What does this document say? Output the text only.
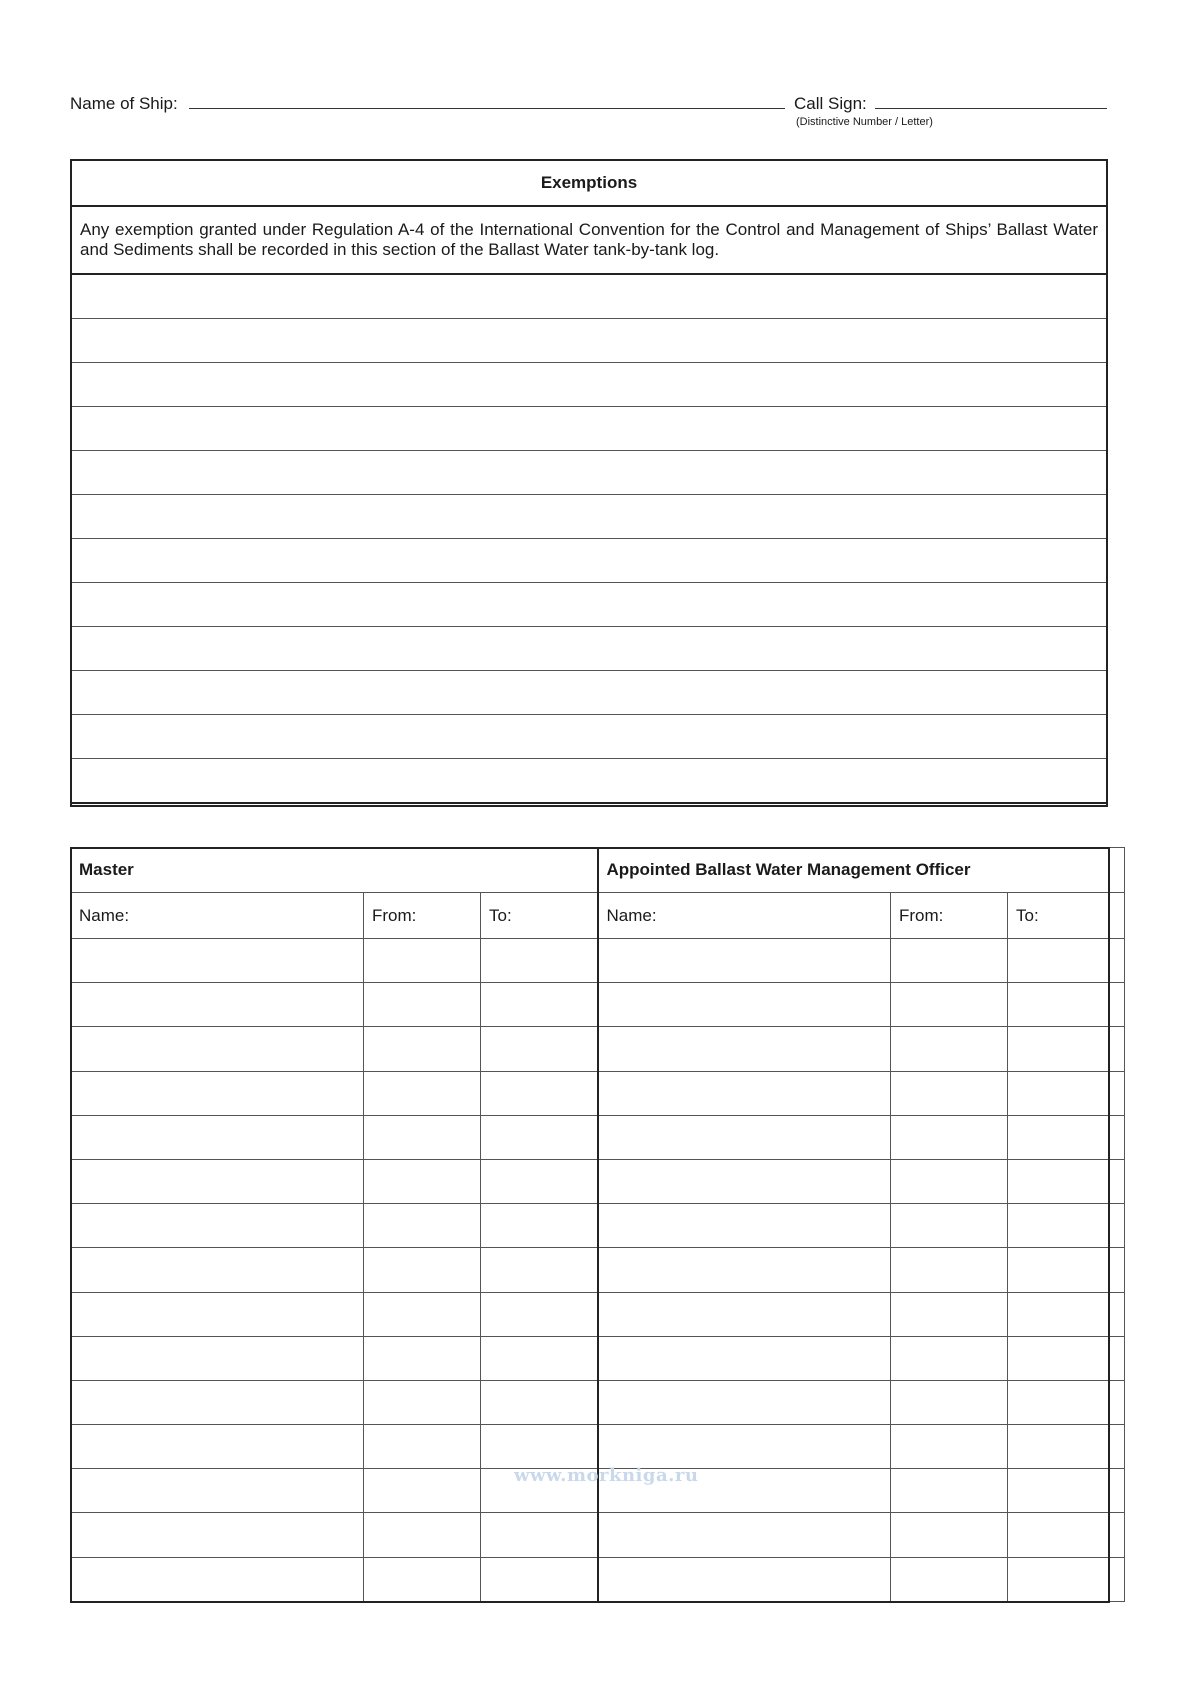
Name of Ship:	Call Sign:
(Distinctive Number / Letter)
Exemptions
Any exemption granted under Regulation A-4 of the International Convention for the Control and Management of Ships’ Ballast Water and Sediments shall be recorded in this section of the Ballast Water tank-by-tank log.

Master			Appointed Ballast Water Management Officer		
Name:	From:	To:	Name:	From:	To:

www.morkniga.ru
